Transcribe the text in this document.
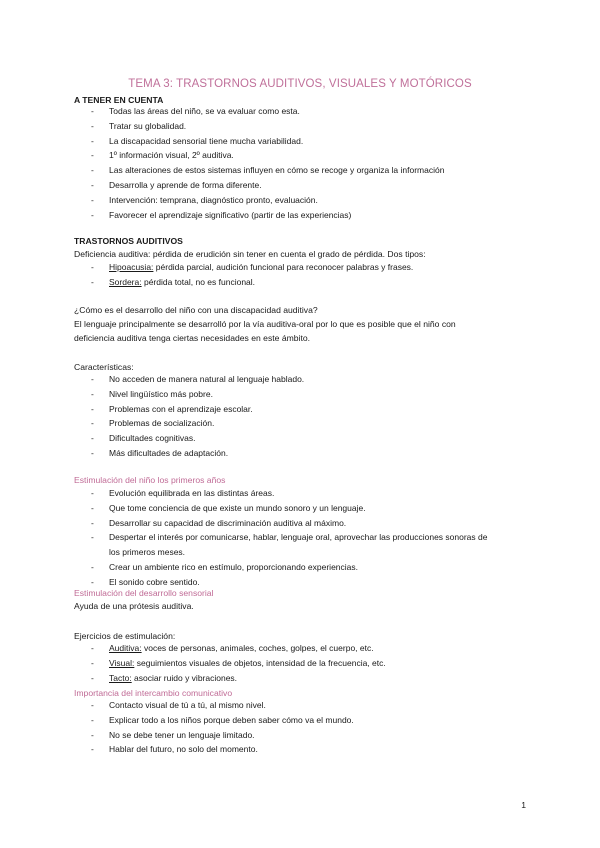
TEMA 3: TRASTORNOS AUDITIVOS, VISUALES Y MOTÓRICOS
A TENER EN CUENTA
- Todas las áreas del niño, se va evaluar como esta.
- Tratar su globalidad.
- La discapacidad sensorial tiene mucha variabilidad.
- 1º información visual, 2º auditiva.
- Las alteraciones de estos sistemas influyen en cómo se recoge y organiza la información
- Desarrolla y aprende de forma diferente.
- Intervención: temprana, diagnóstico pronto, evaluación.
- Favorecer el aprendizaje significativo (partir de las experiencias)
TRASTORNOS AUDITIVOS
Deficiencia auditiva: pérdida de erudición sin tener en cuenta el grado de pérdida. Dos tipos:
- Hipoacusia: pérdida parcial, audición funcional para reconocer palabras y frases.
- Sordera: pérdida total, no es funcional.
¿Cómo es el desarrollo del niño con una discapacidad auditiva?
El lenguaje principalmente se desarrolló por la vía auditiva-oral por lo que es posible que el niño con
deficiencia auditiva tenga ciertas necesidades en este ámbito.
Características:
- No acceden de manera natural al lenguaje hablado.
- Nivel lingüístico más pobre.
- Problemas con el aprendizaje escolar.
- Problemas de socialización.
- Dificultades cognitivas.
- Más dificultades de adaptación.
Estimulación del niño los primeros años
- Evolución equilibrada en las distintas áreas.
- Que tome conciencia de que existe un mundo sonoro y un lenguaje.
- Desarrollar su capacidad de discriminación auditiva al máximo.
- Despertar el interés por comunicarse, hablar, lenguaje oral, aprovechar las producciones sonoras de
los primeros meses.
- Crear un ambiente rico en estímulo, proporcionando experiencias.
- El sonido cobre sentido.
Estimulación del desarrollo sensorial
Ayuda de una prótesis auditiva.
Ejercicios de estimulación:
- Auditiva: voces de personas, animales, coches, golpes, el cuerpo, etc.
- Visual: seguimientos visuales de objetos, intensidad de la frecuencia, etc.
- Tacto: asociar ruido y vibraciones.
Importancia del intercambio comunicativo
- Contacto visual de tú a tú, al mismo nivel.
- Explicar todo a los niños porque deben saber cómo va el mundo.
- No se debe tener un lenguaje limitado.
- Hablar del futuro, no solo del momento.
1
